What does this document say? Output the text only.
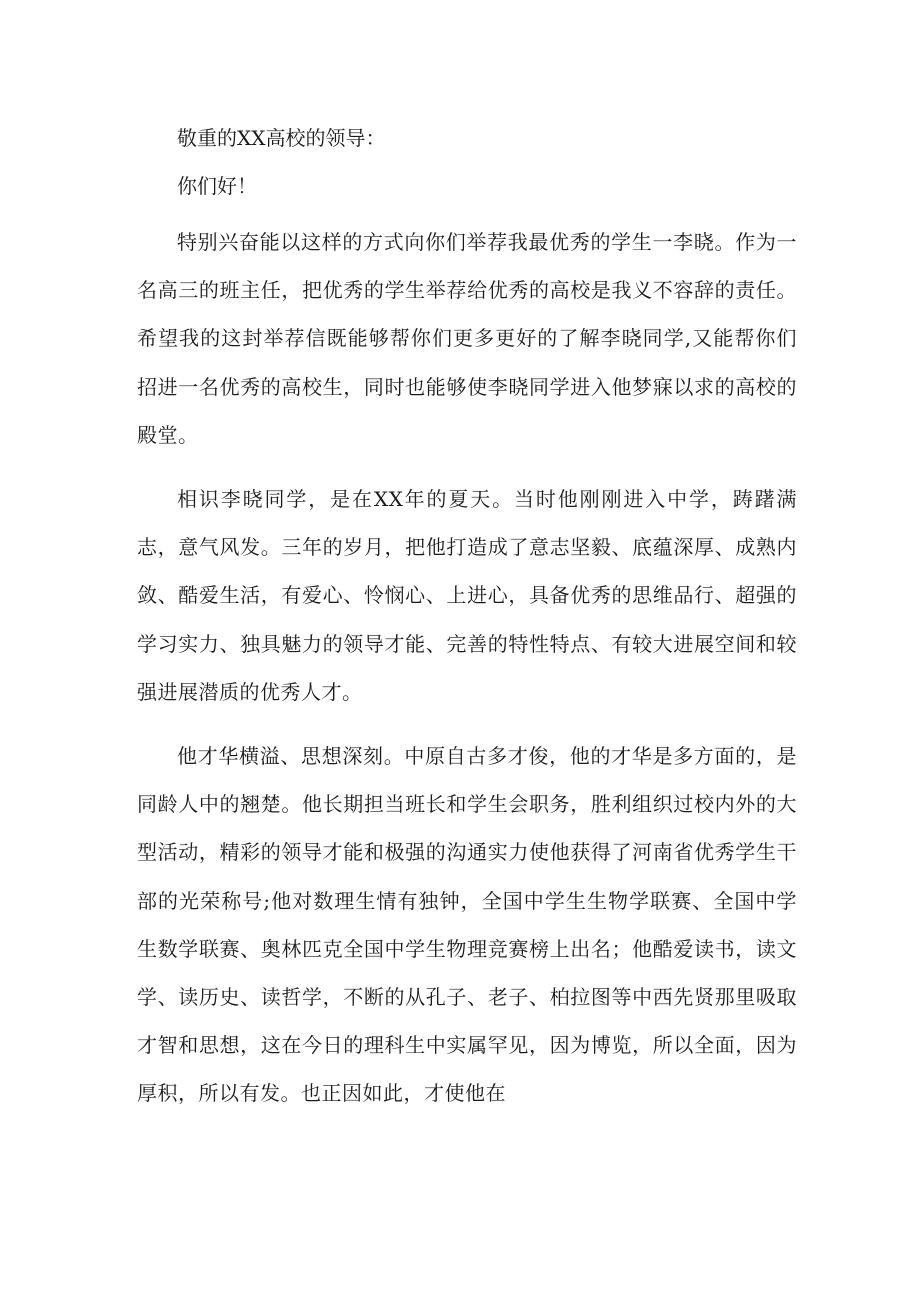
敬重的XX高校的领导：

你们好！

特别兴奋能以这样的方式向你们举荐我最优秀的学生一李晓。作为一名高三的班主任，把优秀的学生举荐给优秀的高校是我义不容辞的责任。希望我的这封举荐信既能够帮你们更多更好的了解李晓同学,又能帮你们招进一名优秀的高校生，同时也能够使李晓同学进入他梦寐以求的高校的殿堂。

相识李晓同学，是在XX年的夏天。当时他刚刚进入中学，踌躇满志，意气风发。三年的岁月，把他打造成了意志坚毅、底蕴深厚、成熟内敛、酷爱生活，有爱心、怜悯心、上进心，具备优秀的思维品行、超强的学习实力、独具魅力的领导才能、完善的特性特点、有较大进展空间和较强进展潜质的优秀人才。

他才华横溢、思想深刻。中原自古多才俊，他的才华是多方面的，是同龄人中的翘楚。他长期担当班长和学生会职务，胜利组织过校内外的大型活动，精彩的领导才能和极强的沟通实力使他获得了河南省优秀学生干部的光荣称号;他对数理生情有独钟，全国中学生生物学联赛、全国中学生数学联赛、奥林匹克全国中学生物理竞赛榜上出名；他酷爱读书，读文学、读历史、读哲学，不断的从孔子、老子、柏拉图等中西先贤那里吸取才智和思想，这在今日的理科生中实属罕见，因为博览，所以全面，因为厚积，所以有发。也正因如此，才使他在
